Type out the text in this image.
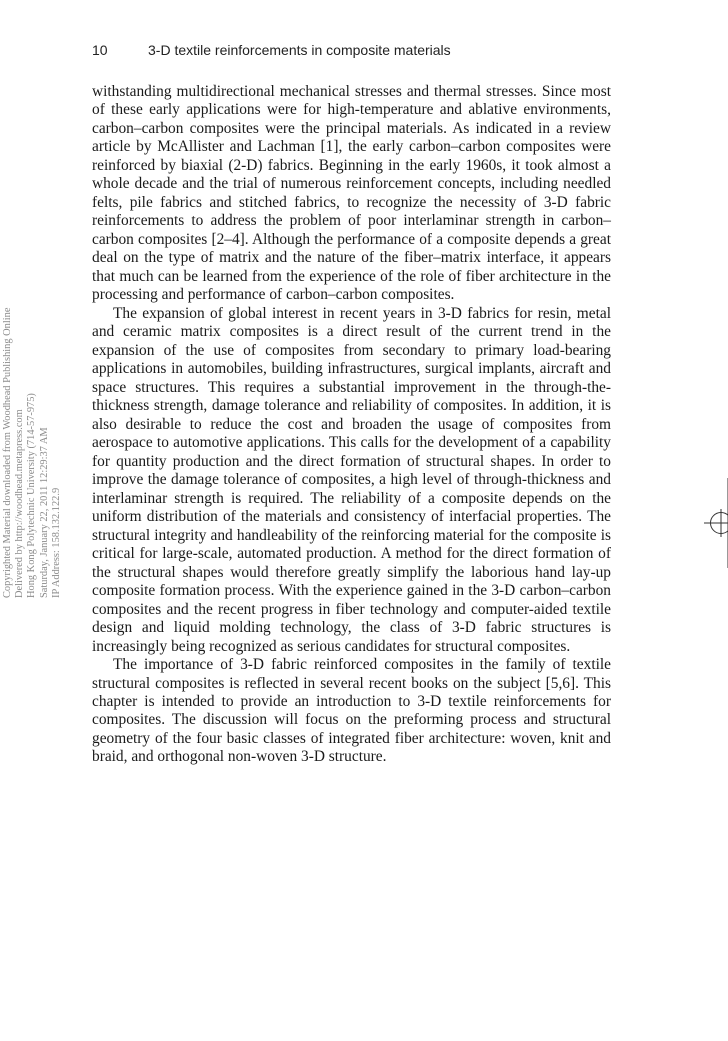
10	3-D textile reinforcements in composite materials

withstanding multidirectional mechanical stresses and thermal stresses. Since most of these early applications were for high-temperature and ablative environments, carbon–carbon composites were the principal materials. As indicated in a review article by McAllister and Lachman [1], the early carbon–carbon composites were reinforced by biaxial (2-D) fabrics. Beginning in the early 1960s, it took almost a whole decade and the trial of numerous reinforcement concepts, including needled felts, pile fabrics and stitched fabrics, to recognize the necessity of 3-D fabric reinforcements to address the problem of poor interlaminar strength in carbon–carbon composites [2–4]. Although the performance of a composite depends a great deal on the type of matrix and the nature of the fiber–matrix interface, it appears that much can be learned from the experience of the role of fiber architecture in the processing and performance of carbon–carbon composites.

The expansion of global interest in recent years in 3-D fabrics for resin, metal and ceramic matrix composites is a direct result of the current trend in the expansion of the use of composites from secondary to primary load-bearing applications in automobiles, building infrastructures, surgical implants, aircraft and space structures. This requires a substantial improvement in the through-the-thickness strength, damage tolerance and reliability of composites. In addition, it is also desirable to reduce the cost and broaden the usage of composites from aerospace to automotive applications. This calls for the development of a capability for quantity production and the direct formation of structural shapes. In order to improve the damage tolerance of composites, a high level of through-thickness and interlaminar strength is required. The reliability of a composite depends on the uniform distribution of the materials and consistency of interfacial properties. The structural integrity and handleability of the reinforcing material for the composite is critical for large-scale, automated production. A method for the direct formation of the structural shapes would therefore greatly simplify the laborious hand lay-up composite formation process. With the experience gained in the 3-D carbon–carbon composites and the recent progress in fiber technology and computer-aided textile design and liquid molding technology, the class of 3-D fabric structures is increasingly being recognized as serious candidates for structural composites.

The importance of 3-D fabric reinforced composites in the family of textile structural composites is reflected in several recent books on the subject [5,6]. This chapter is intended to provide an introduction to 3-D textile reinforcements for composites. The discussion will focus on the preforming process and structural geometry of the four basic classes of integrated fiber architecture: woven, knit and braid, and orthogonal non-woven 3-D structure.

Copyrighted Material downloaded from Woodhead Publishing Online Delivered by http://woodhead.metapress.com Hong Kong Polytechnic University (714-57-975) Saturday, January 22, 2011 12:29:37 AM IP Address: 158.132.122.9
